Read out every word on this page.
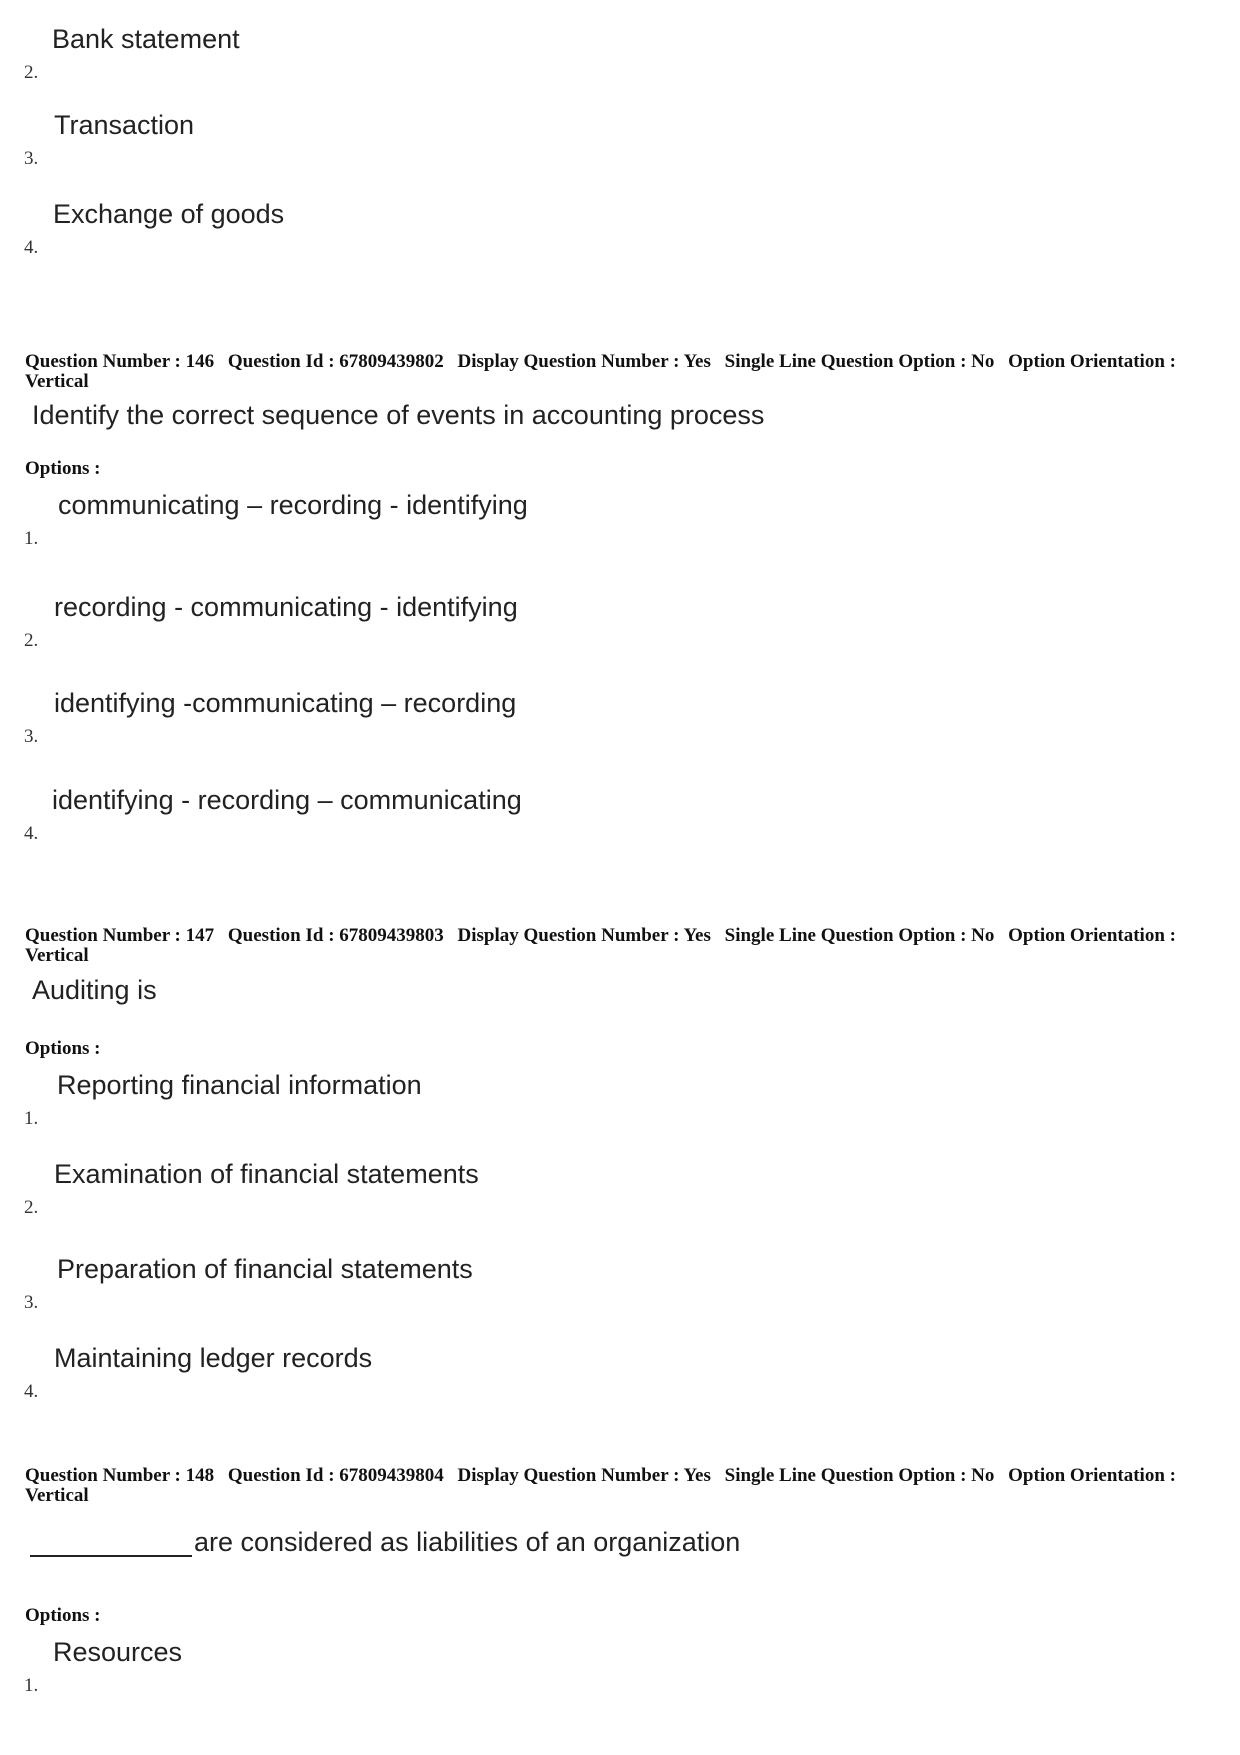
2.
Bank statement
3.
Transaction
4.
Exchange of goods
Question Number : 146 Question Id : 67809439802 Display Question Number : Yes Single Line Question Option : No Option Orientation : Vertical
Identify the correct sequence of events in accounting process
Options :
1.
communicating – recording - identifying
2.
recording - communicating - identifying
3.
identifying -communicating – recording
4.
identifying - recording – communicating
Question Number : 147 Question Id : 67809439803 Display Question Number : Yes Single Line Question Option : No Option Orientation : Vertical
Auditing is
Options :
1.
Reporting financial information
2.
Examination of financial statements
3.
Preparation of financial statements
4.
Maintaining ledger records
Question Number : 148 Question Id : 67809439804 Display Question Number : Yes Single Line Question Option : No Option Orientation : Vertical
are considered as liabilities of an organization
Options :
1.
Resources
